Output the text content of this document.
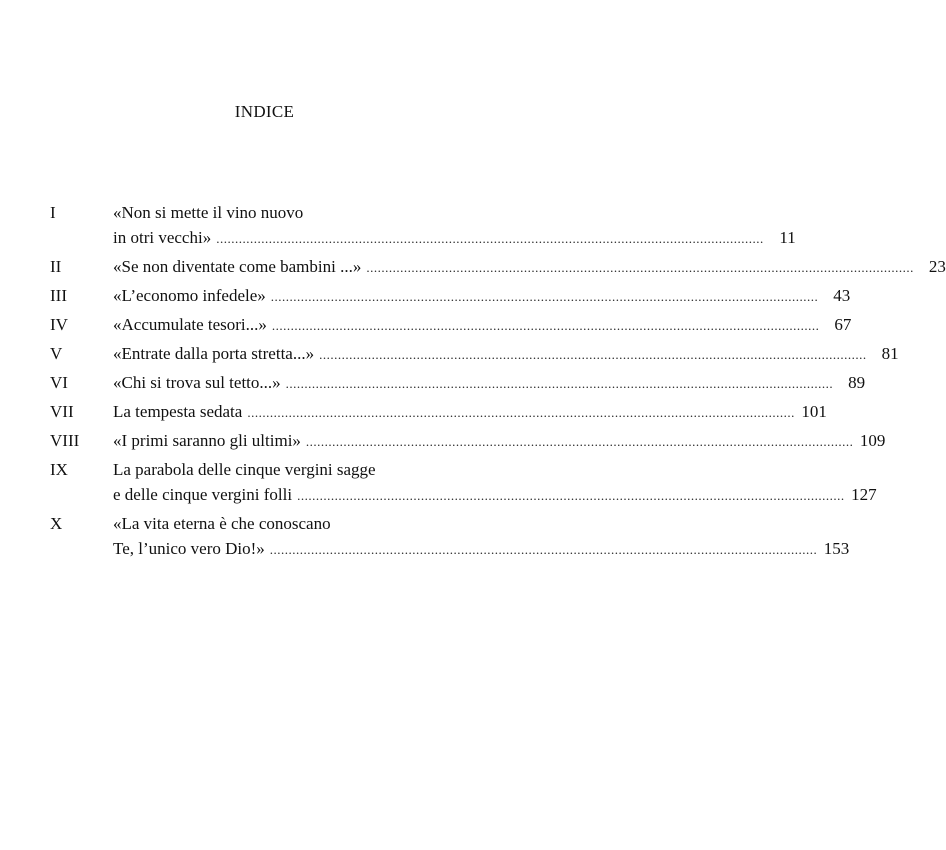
INDICE
I	«Non si mette il vino nuovo
in otri vecchi» .................................................................................................................................................. 11
II	«Se non diventate come bambini ...» .................................................................................................................................................. 23
III	«L’economo infedele» .................................................................................................................................................. 43
IV	«Accumulate tesori...» .................................................................................................................................................. 67
V	«Entrate dalla porta stretta...» .................................................................................................................................................. 81
VI	«Chi si trova sul tetto...» .................................................................................................................................................. 89
VII	La tempesta sedata .................................................................................................................................................. 101
VIII	«I primi saranno gli ultimi» .................................................................................................................................................. 109
IX	La parabola delle cinque vergini sagge
e delle cinque vergini folli .................................................................................................................................................. 127
X	«La vita eterna è che conoscano
Te, l’unico vero Dio!» .................................................................................................................................................. 153
